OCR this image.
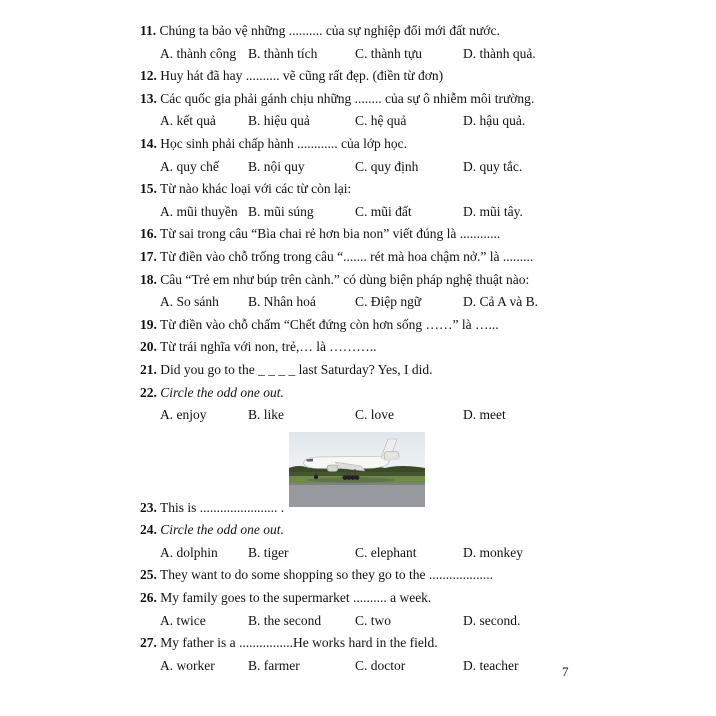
11. Chúng ta bảo vệ những .......... của sự nghiệp đổi mới đất nước.
A. thành công B. thành tích	C. thành tựu	D. thành quả.
12. Huy hát đã hay .......... vẽ cũng rất đẹp. (điền từ đơn)
13. Các quốc gia phải gánh chịu những ........ của sự ô nhiễm môi trường.
A. kết quả	B. hiệu quả	C. hệ quả	D. hậu quả.
14. Học sinh phải chấp hành ............ của lớp học.
A. quy chế	B. nội quy	C. quy định	D. quy tắc.
15. Từ nào khác loại với các từ còn lại:
A. mũi thuyền B. mũi súng	C. mũi đất	D. mũi tây.
16. Từ sai trong câu “Bìa chai rẻ hơn bia non” viết đúng là ............
17. Từ điền vào chỗ trống trong câu “....... rét mà hoa chậm nở.” là .........
18. Câu “Trẻ em như búp trên cành.” có dùng biện pháp nghệ thuật nào:
A. So sánh	B. Nhân hoá	C. Điệp ngữ	D. Cả A và B.
19. Từ điền vào chỗ chấm “Chết đứng còn hơn sống ……” là …...
20. Từ trái nghĩa với non, trẻ,… là ………..
21. Did you go to the _ _ _ _ last Saturday? Yes, I did.
22. Circle the odd one out.
A. enjoy	B. like	C. love	D. meet
23. This is ....................... .
24. Circle the odd one out.
A. dolphin	B. tiger	C. elephant	D. monkey
25. They want to do some shopping so they go to the ...................
26. My family goes to the supermarket .......... a week.
A. twice	B. the second	C. two	D. second.
27. My father is a ................He works hard in the field.
A. worker	B. farmer	C. doctor	D. teacher	7
